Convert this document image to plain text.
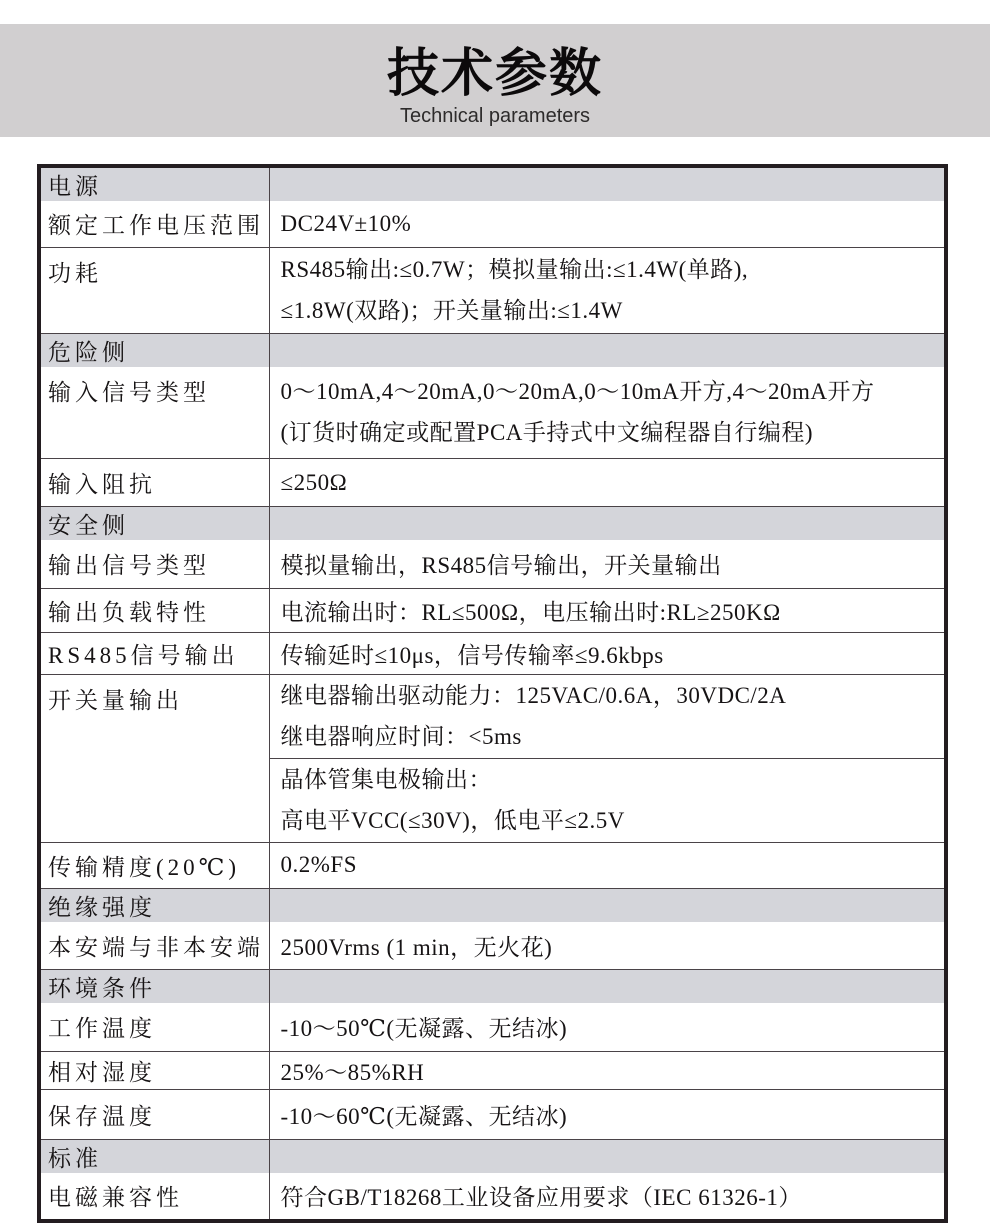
技术参数
Technical parameters
电源	
额定工作电压范围	DC24V±10%

功耗	RS485输出:≤0.7W；模拟量输出:≤1.4W(单路),
≤1.8W(双路)；开关量输出:≤1.4W

危险侧	
输入信号类型	0～10mA,4～20mA,0～20mA,0～10mA开方,4～20mA开方
(订货时确定或配置PCA手持式中文编程器自行编程)

输入阻抗	≤250Ω

安全侧	
输出信号类型	模拟量输出，RS485信号输出，开关量输出

输出负载特性	电流输出时：RL≤500Ω，电压输出时:RL≥250KΩ

RS485信号输出	传输延时≤10μs，信号传输率≤9.6kbps

开关量输出	继电器输出驱动能力：125VAC/0.6A，30VDC/2A
继电器响应时间：<5ms

	晶体管集电极输出：
高电平VCC(≤30V)，低电平≤2.5V

传输精度(20℃)	0.2%FS

绝缘强度	
本安端与非本安端	2500Vrms (1 min，无火花)

环境条件	
工作温度	-10～50℃(无凝露、无结冰)

相对湿度	25%～85%RH

保存温度	-10～60℃(无凝露、无结冰)

标准	
电磁兼容性	符合GB/T18268工业设备应用要求（IEC 61326-1）
